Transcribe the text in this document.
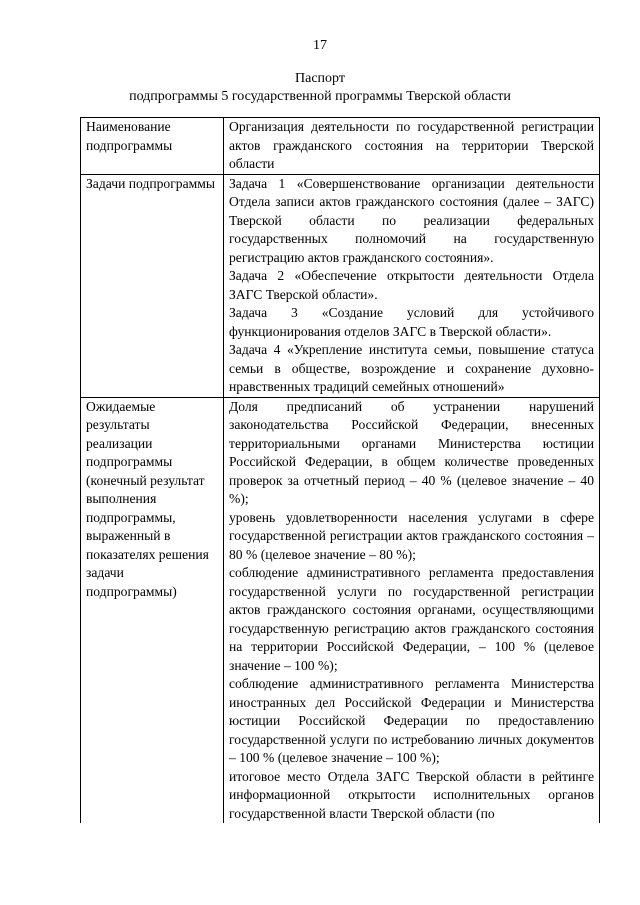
17
Паспорт
подпрограммы 5 государственной программы Тверской области
Наименование подпрограммы	Организация деятельности по государственной регистрации актов гражданского состояния на территории Тверской области

Задачи подпрограммы	Задача 1 «Совершенствование организации деятельности Отдела записи актов гражданского состояния (далее – ЗАГС) Тверской области по реализации федеральных государственных полномочий на государственную регистрацию актов гражданского состояния».
Задача 2 «Обеспечение открытости деятельности Отдела ЗАГС Тверской области».
Задача 3 «Создание условий для устойчивого функционирования отделов ЗАГС в Тверской области».
Задача 4 «Укрепление института семьи, повышение статуса семьи в обществе, возрождение и сохранение духовно-нравственных традиций семейных отношений»

Ожидаемые результаты реализации подпрограммы (конечный результат выполнения подпрограммы, выраженный в показателях решения задачи подпрограммы)	Доля предписаний об устранении нарушений законодательства Российской Федерации, внесенных территориальными органами Министерства юстиции Российской Федерации, в общем количестве проведенных проверок за отчетный период – 40 % (целевое значение – 40 %);
уровень удовлетворенности населения услугами в сфере государственной регистрации актов гражданского состояния – 80 % (целевое значение – 80 %);
соблюдение административного регламента предоставления государственной услуги по государственной регистрации актов гражданского состояния органами, осуществляющими государственную регистрацию актов гражданского состояния на территории Российской Федерации, – 100 % (целевое значение – 100 %);
соблюдение административного регламента Министерства иностранных дел Российской Федерации и Министерства юстиции Российской Федерации по предоставлению государственной услуги по истребованию личных документов – 100 % (целевое значение – 100 %);
итоговое место Отдела ЗАГС Тверской области в рейтинге информационной открытости исполнительных органов государственной власти Тверской области (по
